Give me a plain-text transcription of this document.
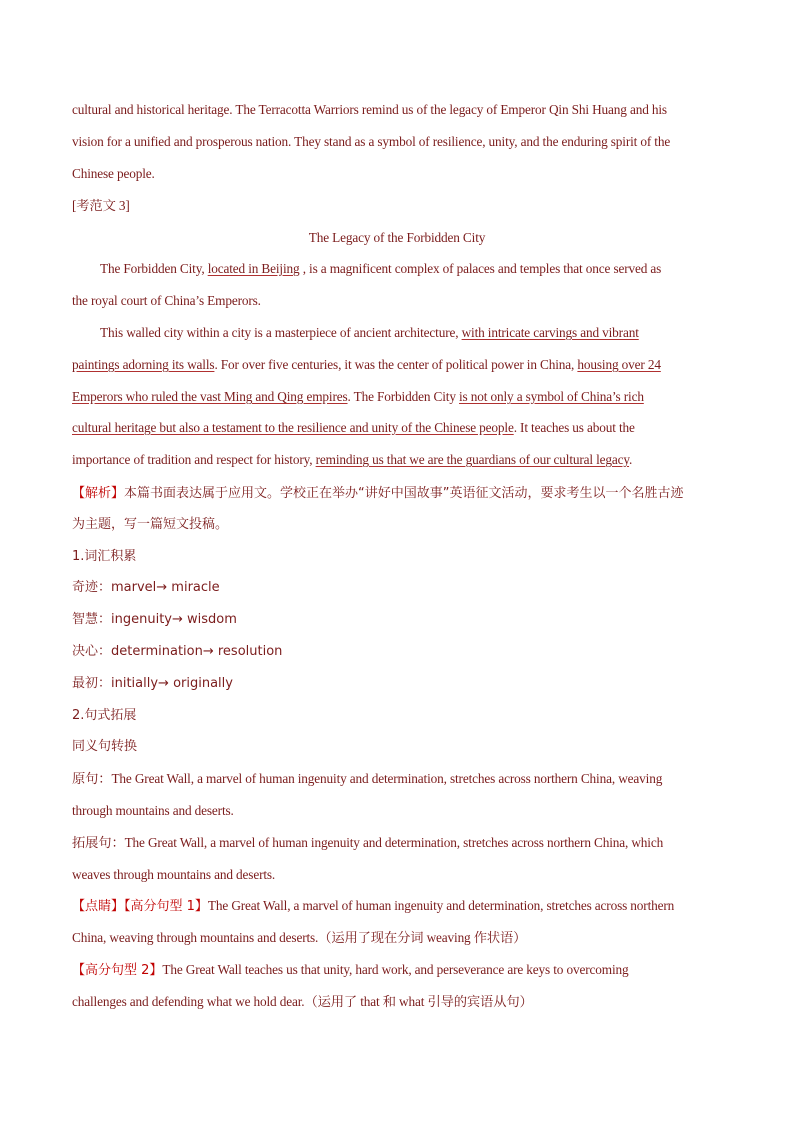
cultural and historical heritage. The Terracotta Warriors remind us of the legacy of Emperor Qin Shi Huang and his
vision for a unified and prosperous nation. They stand as a symbol of resilience, unity, and the enduring spirit of the
Chinese people.
[考范文 3]
The Legacy of the Forbidden City
The Forbidden City, located in Beijing , is a magnificent complex of palaces and temples that once served as
the royal court of China’s Emperors.
This walled city within a city is a masterpiece of ancient architecture, with intricate carvings and vibrant
paintings adorning its walls. For over five centuries, it was the center of political power in China, housing over 24
Emperors who ruled the vast Ming and Qing empires. The Forbidden City is not only a symbol of China’s rich
cultural heritage but also a testament to the resilience and unity of the Chinese people. It teaches us about the
importance of tradition and respect for history, reminding us that we are the guardians of our cultural legacy.
【解析】本篇书面表达属于应用文。学校正在举办“讲好中国故事”英语征文活动，要求考生以一个名胜古迹
为主题，写一篇短文投稿。
1.词汇积累
奇迹：marvel→ miracle
智慧：ingenuity→ wisdom
决心：determination→ resolution
最初：initially→ originally
2.句式拓展
同义句转换
原句：The Great Wall, a marvel of human ingenuity and determination, stretches across northern China, weaving
through mountains and deserts.
拓展句：The Great Wall, a marvel of human ingenuity and determination, stretches across northern China, which
weaves through mountains and deserts.
【点睛】【高分句型 1】The Great Wall, a marvel of human ingenuity and determination, stretches across northern
China, weaving through mountains and deserts.（运用了现在分词 weaving 作状语）
【高分句型 2】The Great Wall teaches us that unity, hard work, and perseverance are keys to overcoming
challenges and defending what we hold dear.（运用了 that 和 what 引导的宾语从句）
